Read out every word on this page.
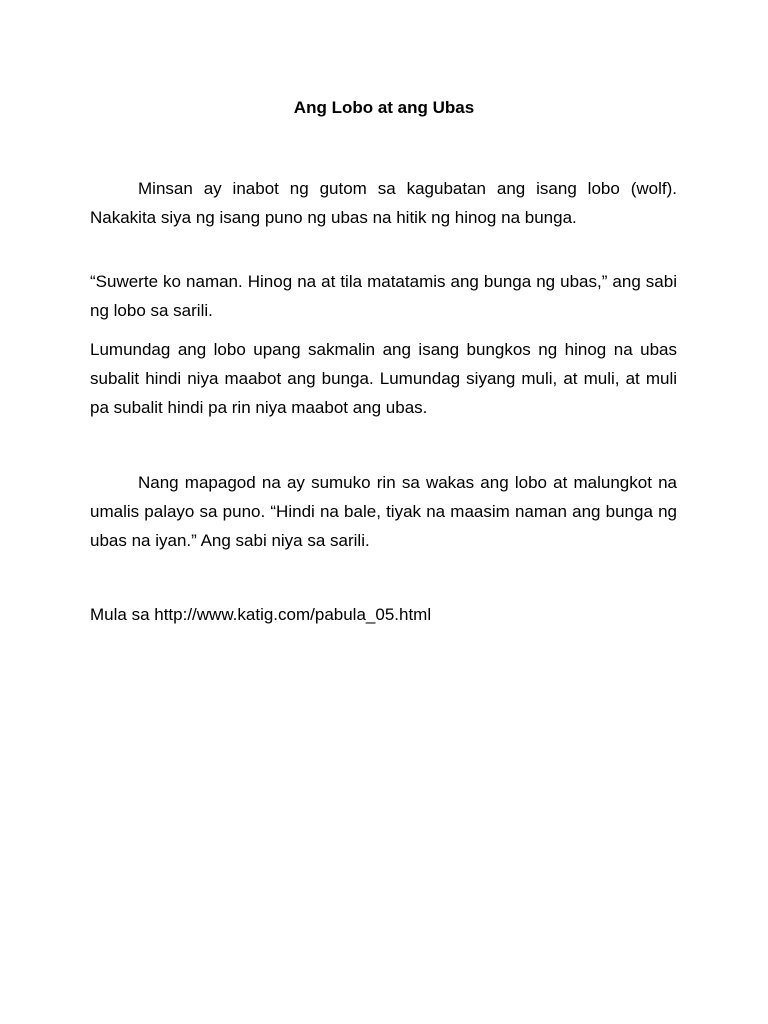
Ang Lobo at ang Ubas

Minsan ay inabot ng gutom sa kagubatan ang isang lobo (wolf). Nakakita siya ng isang puno ng ubas na hitik ng hinog na bunga.

“Suwerte ko naman. Hinog na at tila matatamis ang bunga ng ubas,” ang sabi ng lobo sa sarili.

Lumundag ang lobo upang sakmalin ang isang bungkos ng hinog na ubas subalit hindi niya maabot ang bunga. Lumundag siyang muli, at muli, at muli pa subalit hindi pa rin niya maabot ang ubas.

Nang mapagod na ay sumuko rin sa wakas ang lobo at malungkot na umalis palayo sa puno. “Hindi na bale, tiyak na maasim naman ang bunga ng ubas na iyan.” Ang sabi niya sa sarili.

Mula sa http://www.katig.com/pabula_05.html
